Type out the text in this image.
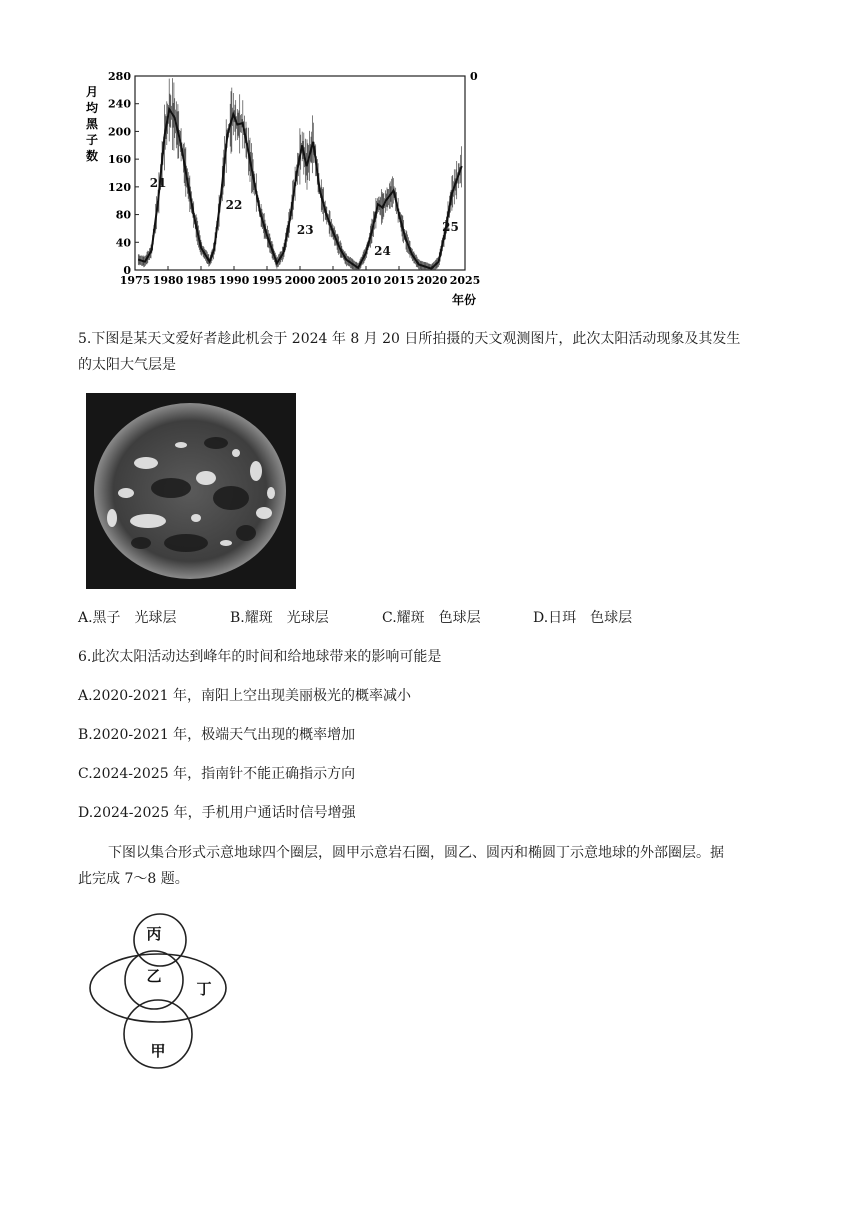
月
均
黑
子
数
280
240
200
160
120
80
40
0
1975 1980 1985 1990 1995 2000 2005 2010 2015 2020 2025
21
22
23
24
25
0
年份
5.下图是某天文爱好者趁此机会于 2024 年 8 月 20 日所拍摄的天文观测图片，此次太阳活动现象及其发生
的太阳大气层是
A.黑子　光球层	B.耀斑　光球层	C.耀斑　色球层	D.日珥　色球层
6.此次太阳活动达到峰年的时间和给地球带来的影响可能是
A.2020-2021 年，南阳上空出现美丽极光的概率减小
B.2020-2021 年，极端天气出现的概率增加
C.2024-2025 年，指南针不能正确指示方向
D.2024-2025 年，手机用户通话时信号增强
下图以集合形式示意地球四个圈层，圆甲示意岩石圈，圆乙、圆丙和椭圆丁示意地球的外部圈层。据
此完成 7～8 题。
丙
乙
丁
甲
